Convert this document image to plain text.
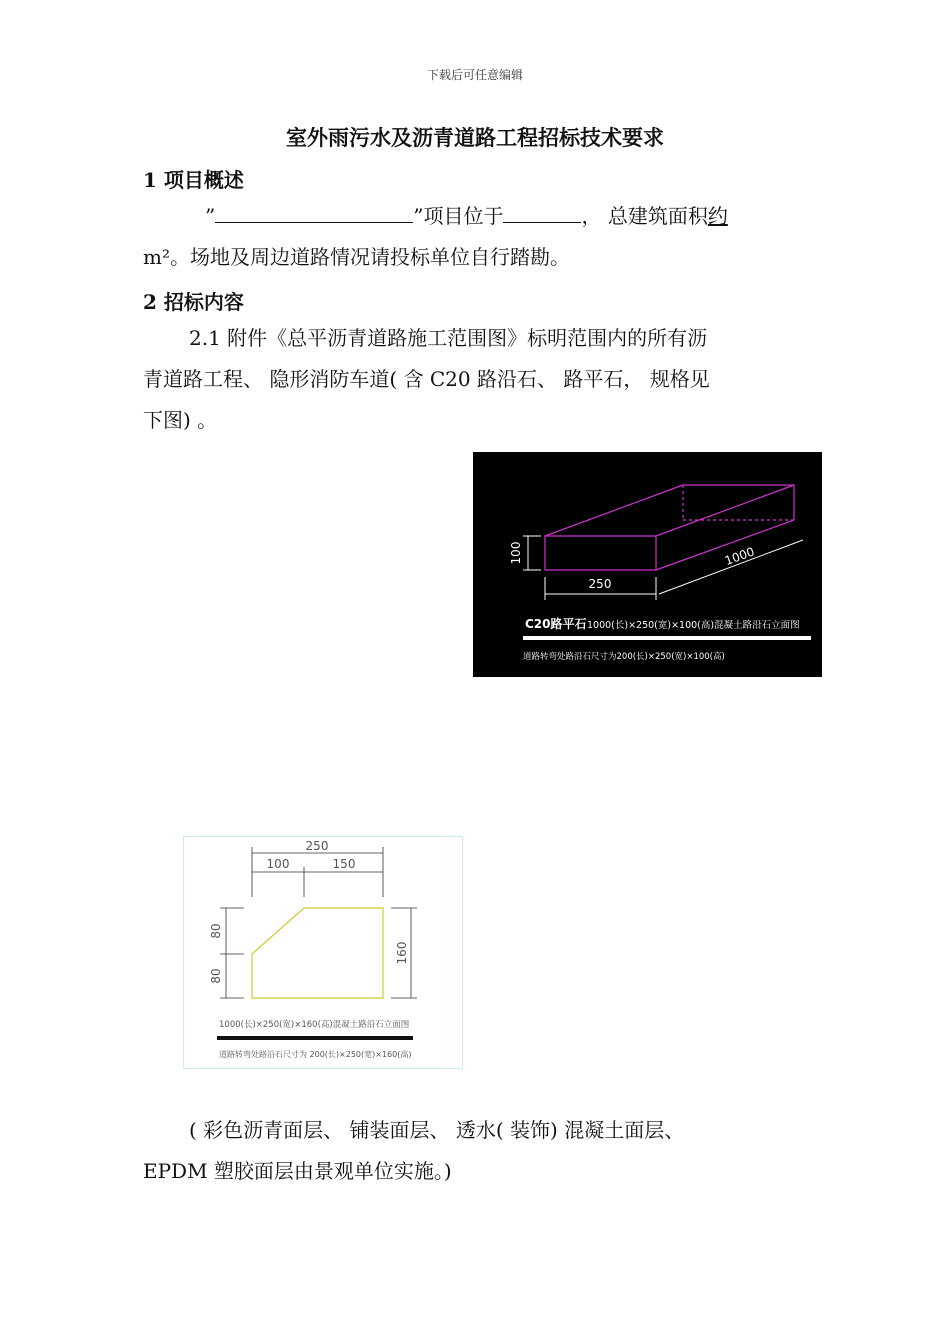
下载后可任意编辑
室外雨污水及沥青道路工程招标技术要求
1 项目概述
”	”项目位于	， 总建筑面积约
m²。场地及周边道路情况请投标单位自行踏勘。
2 招标内容
2.1 附件《总平沥青道路施工范围图》标明范围内的所有沥
青道路工程、 隐形消防车道( 含 C20 路沿石、 路平石， 规格见
下图) 。
100
250
1000
C20路平石 1000(长)×250(宽)×100(高)混凝土路沿石立面图
道路转弯处路沿石尺寸为200(长)×250(宽)×100(高)
250
100	150
80
80
160
1000(长)×250(宽)×160(高)混凝土路沿石立面图
道路转弯处路沿石尺寸为 200(长)×250(宽)×160(高)
( 彩色沥青面层、 铺装面层、 透水( 装饰) 混凝土面层、
EPDM 塑胶面层由景观单位实施。)
